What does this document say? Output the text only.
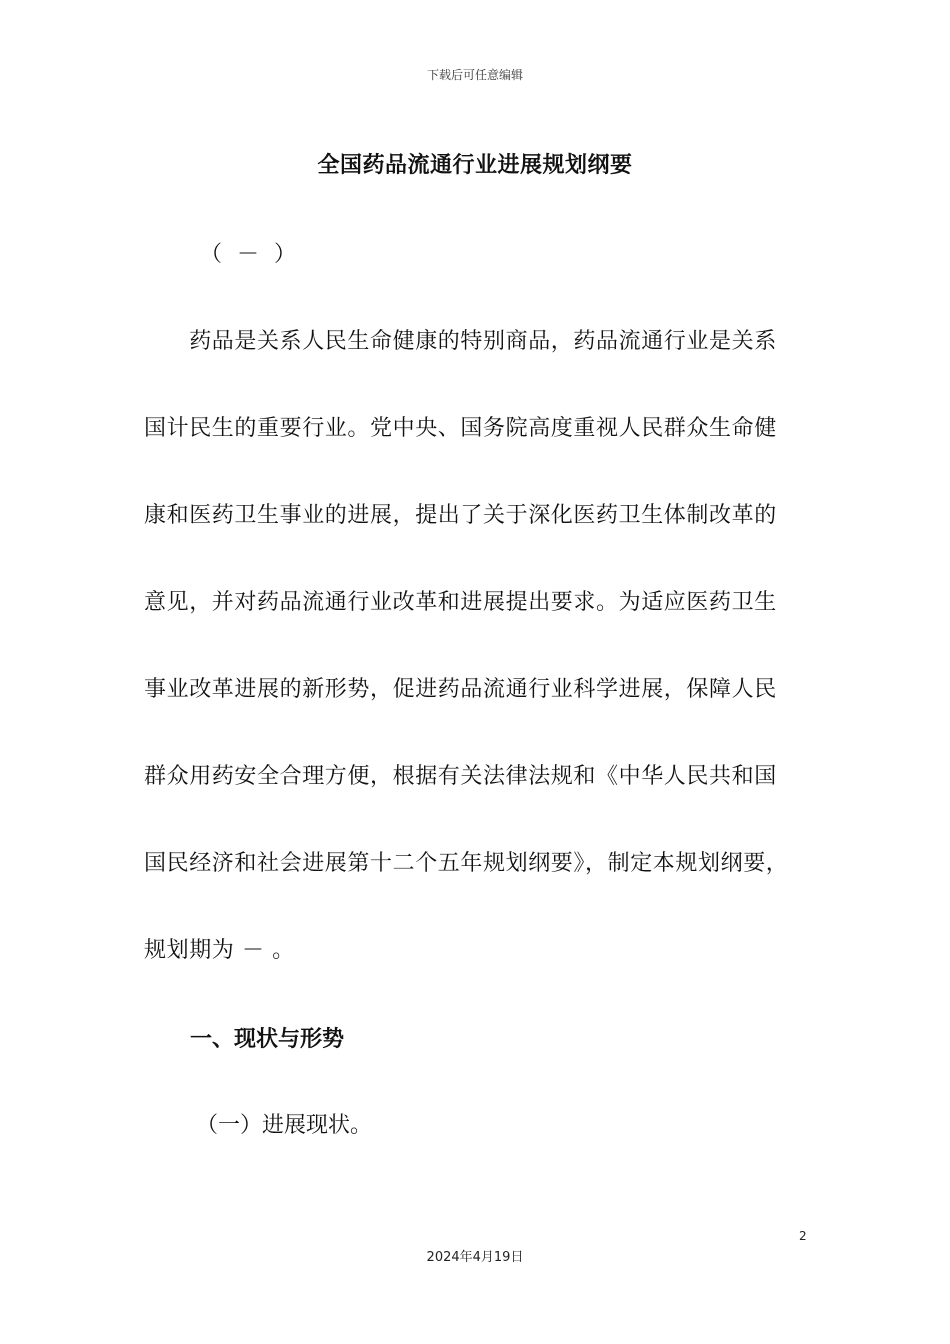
下载后可任意编辑
全国药品流通行业进展规划纲要
（ － ）
　　药品是关系人民生命健康的特别商品，药品流通行业是关系
国计民生的重要行业。党中央、国务院高度重视人民群众生命健
康和医药卫生事业的进展，提出了关于深化医药卫生体制改革的
意见，并对药品流通行业改革和进展提出要求。为适应医药卫生
事业改革进展的新形势，促进药品流通行业科学进展，保障人民
群众用药安全合理方便，根据有关法律法规和《中华人民共和国
国民经济和社会进展第十二个五年规划纲要》，制定本规划纲要，
规划期为 － 。
一、现状与形势
（一）进展现状。
2
2024年4月19日
